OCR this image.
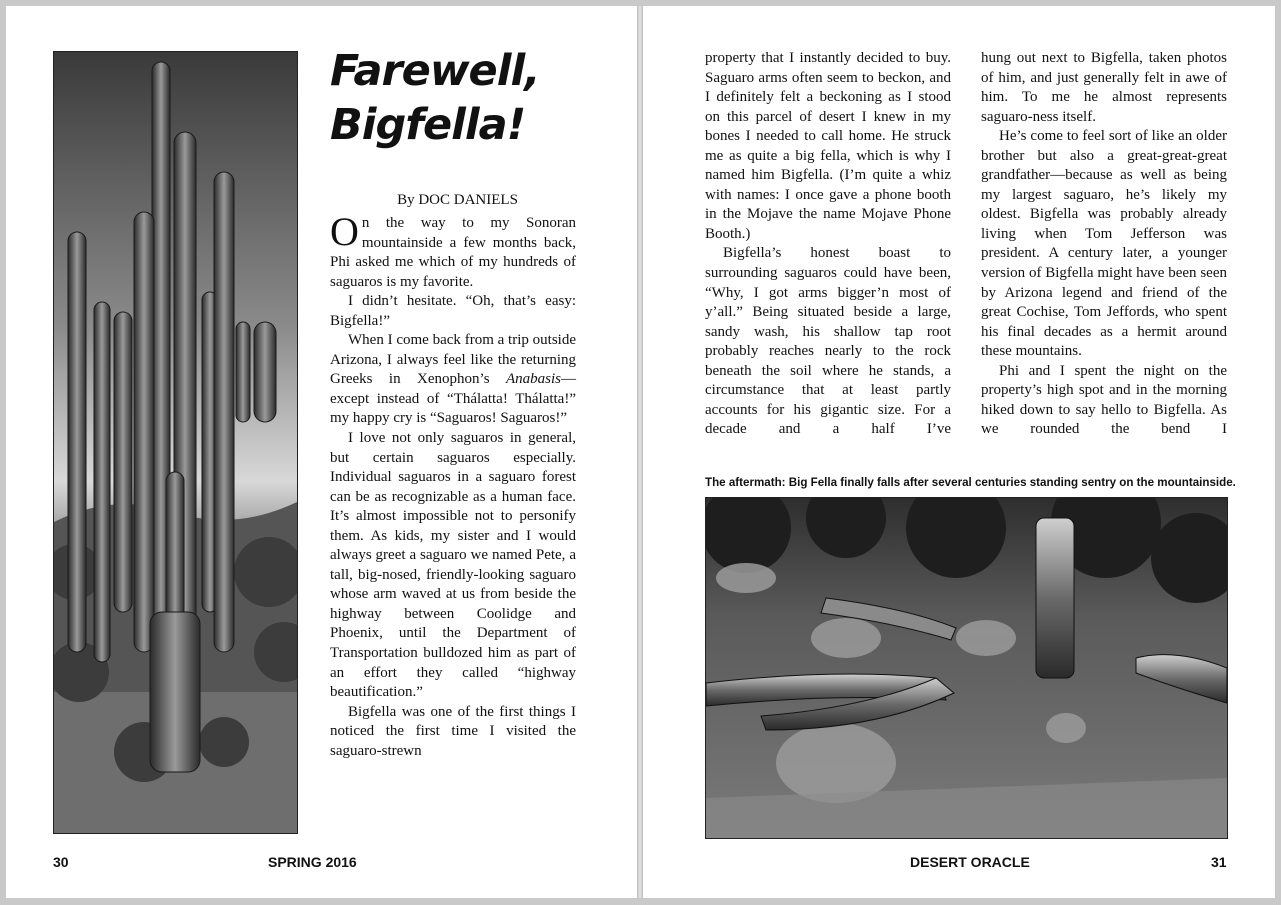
Farewell,
Bigfella!

By DOC DANIELS

On the way to my Sonoran mountainside a few months back, Phi asked me which of my hundreds of saguaros is my favorite.

I didn’t hesitate. “Oh, that’s easy: Bigfella!”

When I come back from a trip outside Arizona, I always feel like the returning Greeks in Xenophon’s Anabasis—except instead of “Thálatta! Thálatta!” my happy cry is “Saguaros! Saguaros!”

I love not only saguaros in general, but certain saguaros especially. Individual saguaros in a saguaro forest can be as recognizable as a human face. It’s almost impossible not to personify them. As kids, my sister and I would always greet a saguaro we named Pete, a tall, big-nosed, friendly-looking saguaro whose arm waved at us from beside the highway between Coolidge and Phoenix, until the Department of Transportation bulldozed him as part of an effort they called “highway beautification.”

Bigfella was one of the first things I noticed the first time I visited the saguaro-strewn

30	SPRING 2016

property that I instantly decided to buy. Saguaro arms often seem to beckon, and I definitely felt a beckoning as I stood on this parcel of desert I knew in my bones I needed to call home. He struck me as quite a big fella, which is why I named him Bigfella. (I’m quite a whiz with names: I once gave a phone booth in the Mojave the name Mojave Phone Booth.)

Bigfella’s honest boast to surrounding saguaros could have been, “Why, I got arms bigger’n most of y’all.” Being situated beside a large, sandy wash, his shallow tap root probably reaches nearly to the rock beneath the soil where he stands, a circumstance that at least partly accounts for his gigantic size. For a decade and a half I’ve

hung out next to Bigfella, taken photos of him, and just generally felt in awe of him. To me he almost represents saguaro-ness itself.

He’s come to feel sort of like an older brother but also a great-great-great grandfather—because as well as being my largest saguaro, he’s likely my oldest. Bigfella was probably already living when Tom Jefferson was president. A century later, a younger version of Bigfella might have been seen by Arizona legend and friend of the great Cochise, Tom Jeffords, who spent his final decades as a hermit around these mountains.

Phi and I spent the night on the property’s high spot and in the morning hiked down to say hello to Bigfella. As we rounded the bend I

The aftermath: Big Fella finally falls after several centuries standing sentry on the mountainside.

DESERT ORACLE	31
